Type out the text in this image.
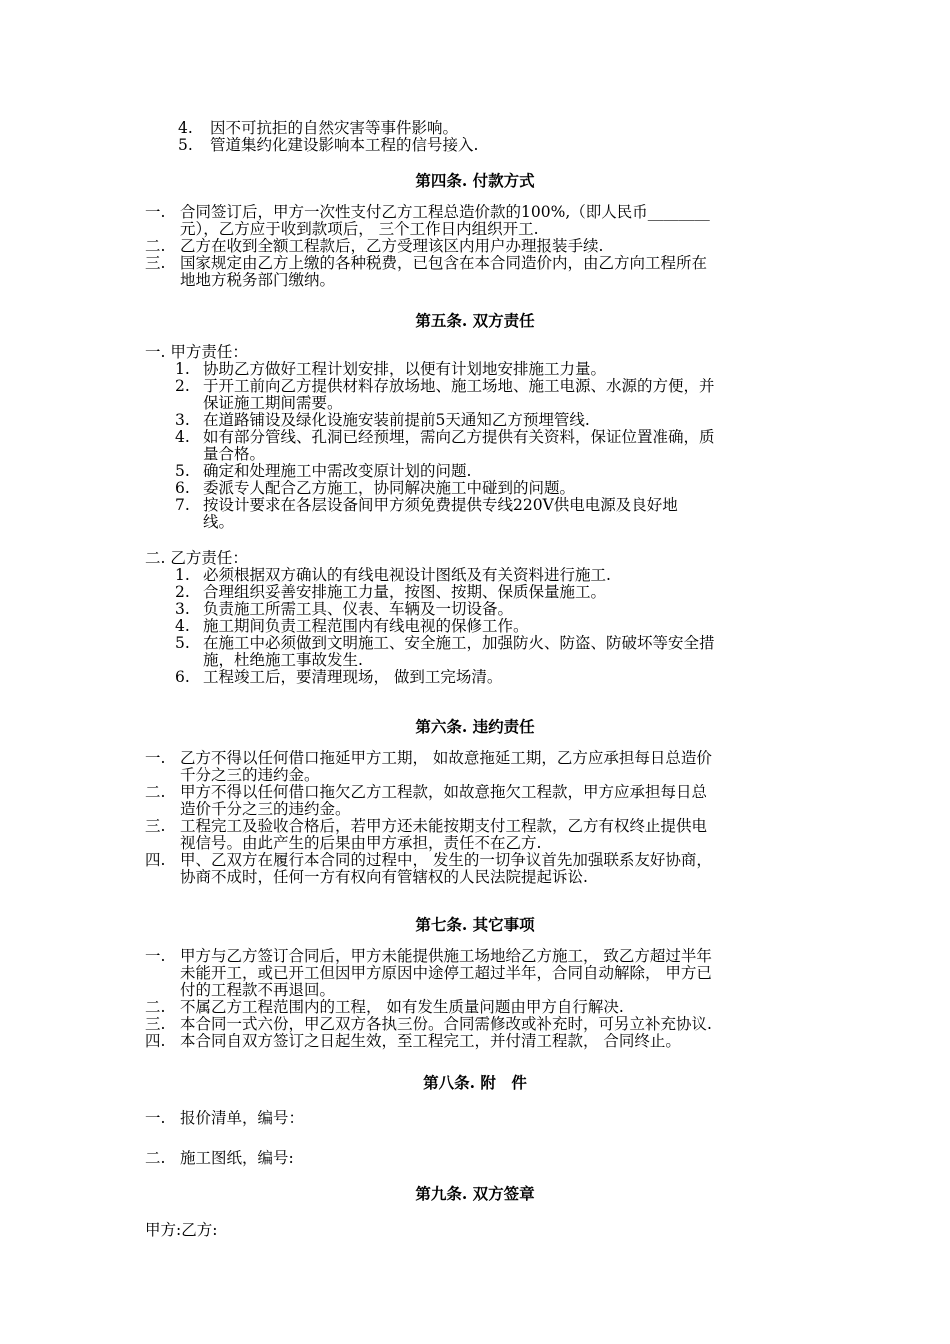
4. 因不可抗拒的自然灾害等事件影响。
5. 管道集约化建设影响本工程的信号接入.
第四条. 付款方式
一. 合同签订后，甲方一次性支付乙方工程总造价款的100%,（即人民币________
元），乙方应于收到款项后， 三个工作日内组织开工.
二. 乙方在收到全额工程款后，乙方受理该区内用户办理报装手续.
三. 国家规定由乙方上缴的各种税费，已包含在本合同造价内，由乙方向工程所在
地地方税务部门缴纳。
第五条. 双方责任
一. 甲方责任：
1. 协助乙方做好工程计划安排，以便有计划地安排施工力量。
2. 于开工前向乙方提供材料存放场地、施工场地、施工电源、水源的方便，并
保证施工期间需要。
3. 在道路铺设及绿化设施安装前提前5天通知乙方预埋管线.
4. 如有部分管线、孔洞已经预埋，需向乙方提供有关资料，保证位置准确，质
量合格。
5. 确定和处理施工中需改变原计划的问题.
6. 委派专人配合乙方施工，协同解决施工中碰到的问题。
7. 按设计要求在各层设备间甲方须免费提供专线220V供电电源及良好地
线。
二. 乙方责任：
1. 必须根据双方确认的有线电视设计图纸及有关资料进行施工.
2. 合理组织妥善安排施工力量，按图、按期、保质保量施工。
3. 负责施工所需工具、仪表、车辆及一切设备。
4. 施工期间负责工程范围内有线电视的保修工作。
5. 在施工中必须做到文明施工、安全施工，加强防火、防盗、防破坏等安全措
施，杜绝施工事故发生.
6. 工程竣工后，要清理现场， 做到工完场清。
第六条. 违约责任
一. 乙方不得以任何借口拖延甲方工期， 如故意拖延工期，乙方应承担每日总造价
千分之三的违约金。
二. 甲方不得以任何借口拖欠乙方工程款，如故意拖欠工程款，甲方应承担每日总
造价千分之三的违约金。
三. 工程完工及验收合格后，若甲方还未能按期支付工程款，乙方有权终止提供电
视信号。由此产生的后果由甲方承担，责任不在乙方.
四. 甲、乙双方在履行本合同的过程中， 发生的一切争议首先加强联系友好协商，
协商不成时，任何一方有权向有管辖权的人民法院提起诉讼.
第七条. 其它事项
一. 甲方与乙方签订合同后，甲方未能提供施工场地给乙方施工， 致乙方超过半年
未能开工，或已开工但因甲方原因中途停工超过半年，合同自动解除， 甲方已
付的工程款不再退回。
二. 不属乙方工程范围内的工程， 如有发生质量问题由甲方自行解决.
三. 本合同一式六份，甲乙双方各执三份。合同需修改或补充时，可另立补充协议.
四. 本合同自双方签订之日起生效，至工程完工，并付清工程款， 合同终止。
第八条. 附　件
一. 报价清单，编号：
二. 施工图纸，编号:
第九条. 双方签章
甲方:乙方:
